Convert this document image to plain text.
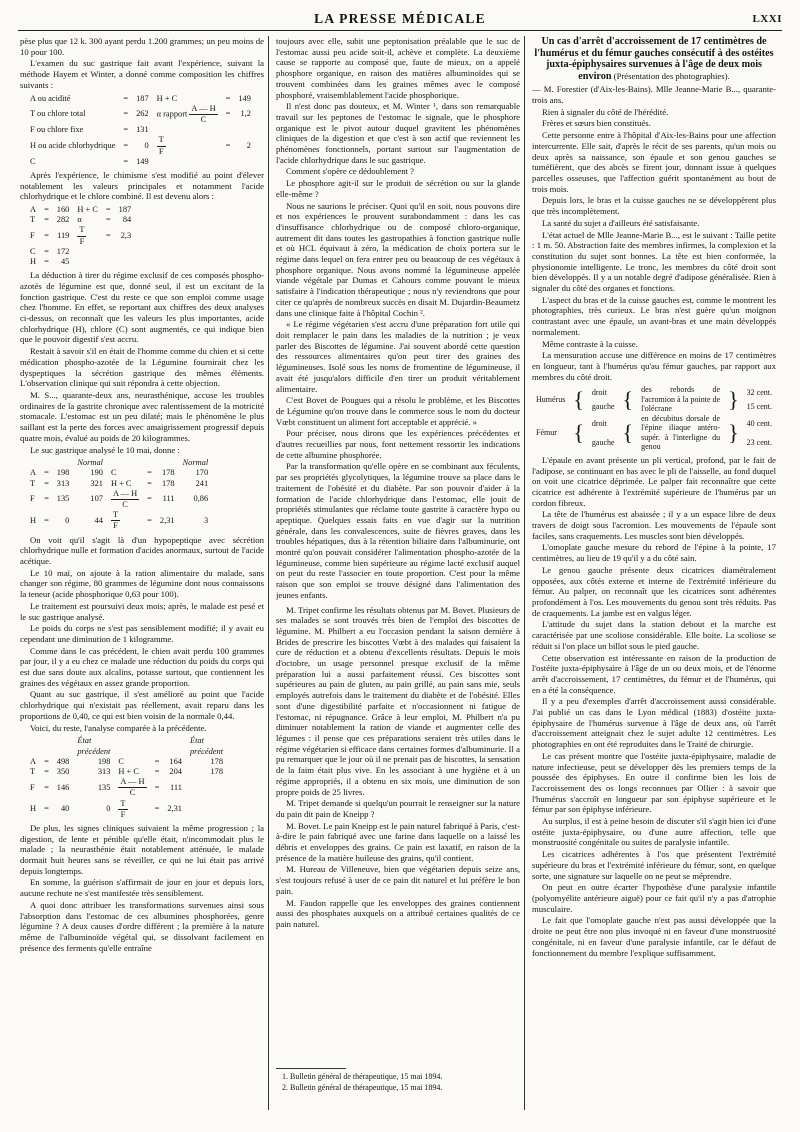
LA PRESSE MÉDICALE	LXXI

pèse plus que 12 k. 300 ayant perdu 1.200 grammes; un peu moins de 10 pour 100.

L'examen du suc gastrique fait avant l'expérience, suivant la méthode Hayem et Winter, a donné comme composition les chiffres suivants :

A ou acidité	=	187	H + C	=	149
T ou chlore total	=	262	α rapport $\frac{A — H}{C}$	=	1,2
F ou chlore fixe	=	131			
H ou acide chlorhydrique	=	0	$\frac{T}{F}$	=	2
C	=	149			

Après l'expérience, le chimisme s'est modifié au point d'élever notablement les valeurs principales et notamment l'acide chlorhydrique et le chlore combiné. Il est devenu alors :

A	=	160	H + C	=	187
T	=	282	α	=	84
F	=	119	$\frac{T}{F}$	=	2,3
C	=	172			
H	=	45			

La déduction à tirer du régime exclusif de ces composés phospho-azotés de légumine est que, donné seul, il est un excitant de la fonction gastrique. C'est du reste ce que son emploi comme usage chez l'homme. En effet, se reportant aux chiffres des deux analyses ci-dessus, on reconnaît que les valeurs les plus importantes, acide chlorhydrique (H), chlore (C) sont augmentés, ce qui indique bien que le pouvoir digestif s'est accru.

Restait à savoir s'il en était de l'homme comme du chien et si cette médication phospho-azotée de la Légumine fournirait chez les dyspeptiques la sécrétion gastrique des mêmes éléments. L'observation clinique qui suit répondra à cette objection.

M. S..., quarante-deux ans, neurasthénique, accuse les troubles ordinaires de la gastrite chronique avec ralentissement de la motricité stomacale. L'estomac est un peu dilaté; mais le phénomène le plus saillant est la perte des forces avec amaigrissement progressif depuis quatre mois, évalué au poids de 20 kilogrammes.

Le suc gastrique analysé le 10 mai, donne :

			Normal				Normal
A	=	198	190	C	=	178	170
T	=	313	321	H + C	=	178	241
F	=	135	107	$\frac{A — H}{C}$	=	111	0,86
H	=	0	44	$\frac{T}{F}$	=	2,31	3

On voit qu'il s'agit là d'un hypopeptique avec sécrétion chlorhydrique nulle et formation d'acides anormaux, surtout de l'acide acétique.

Le 10 mai, on ajoute à la ration alimentaire du malade, sans changer son régime, 80 grammes de légumine dont nous connaissons la teneur (acide phosphorique 0,63 pour 100).

Le traitement est poursuivi deux mois; après, le malade est pesé et le suc gastrique analysé.

Le poids du corps ne s'est pas sensiblement modifié; il y avait eu cependant une diminution de 1 kilogramme.

Comme dans le cas précédent, le chien avait perdu 100 grammes par jour, il y a eu chez ce malade une réduction du poids du corps qui est due sans doute aux alcalins, potasse surtout, que contiennent les graines des végétaux en assez grande proportion.

Quant au suc gastrique, il s'est amélioré au point que l'acide chlorhydrique qui n'existait pas réellement, avait reparu dans les proportions de 0,40, ce qui est bien voisin de la normale 0,44.

Voici, du reste, l'analyse comparée à la précédente.

			État				État
			précédent				précédent
A	=	498	198	C	=	164	178
T	=	350	313	H + C	=	204	178
F	=	146	135	$\frac{A — H}{C}$	=	111	
H	=	40	0	$\frac{T}{F}$	=	2,31	

De plus, les signes cliniques suivaient la même progression ; la digestion, de lente et pénible qu'elle était, n'incommodait plus le malade ; la neurasthénie était notablement atténuée, le malade dormait huit heures sans se réveiller, ce qui ne lui était pas arrivé depuis longtemps.

En somme, la guérison s'affirmait de jour en jour et depuis lors, aucune rechute ne s'est manifestée très sensiblement.

A quoi donc attribuer les transformations survenues ainsi sous l'absorption dans l'estomac de ces albumines phosphorées, genre légumine ? A deux causes d'ordre différent ; la première à la nature même de l'albuminoïde végétal qui, se dissolvant facilement en présence des ferments qu'elle entraîne

toujours avec elle, subit une peptonisation préalable que le suc de l'estomac aussi peu acide soit-il, achève et complète. La deuxième cause se rapporte au composé que, faute de mieux, on a appelé phosphore organique, en raison des matières albuminoïdes qui se trouvent combinées dans les graines mêmes avec le composé phosphoré, vraisemblablement l'acide phosphorique.

Il n'est donc pas douteux, et M. Winter ¹, dans son remarquable travail sur les peptones de l'estomac le signale, que le phosphore organique est le pivot autour duquel gravitent les phénomènes cliniques de la digestion et que c'est à son actif que reviennent les phénomènes fonctionnels, portant surtout sur l'augmentation de l'acide chlorhydrique dans le suc gastrique.

Comment s'opère ce dédoublement ?

Le phosphore agit-il sur le produit de sécrétion ou sur la glande elle-même ?

Nous ne saurions le préciser. Quoi qu'il en soit, nous pouvons dire et nos expériences le prouvent surabondamment : dans les cas d'insuffisance chlorhydrique ou de composé chloro-organique, autrement dit dans toutes les gastropathies à fonction gastrique nulle et où HCL équivaut à zéro, la médication de choix portera sur le régime dans lequel on fera entrer peu ou beaucoup de ces végétaux à phosphore organique. Nous avons nommé la légumineuse appelée viande végétale par Dumas et Cahours comme pouvant le mieux satisfaire à l'indication thérapeutique ; nous n'y reviendrons que pour citer ce qu'après de nombreux succès en disait M. Dujardin-Beaumetz dans une clinique faite à l'hôpital Cochin ².

« Le régime végétarien s'est accru d'une préparation fort utile qui doit remplacer le pain dans les maladies de la nutrition ; je veux parler des Biscottes de légumine. J'ai souvent abordé cette question des ressources alimentaires qu'on peut tirer des graines des légumineuses. Isolé sous les noms de fromentine de légumineuse, il avait été jusqu'alors difficile d'en tirer un produit véritablement alimentaire.

C'est Bovet de Pougues qui a résolu le problème, et les Biscottes de Légumine qu'on trouve dans le commerce sous le nom du docteur Vœbt constituent un aliment fort acceptable et apprécié. »

Pour préciser, nous dirons que les expériences précédentes et d'autres recueillies par nous, font nettement ressortir les indications de cette albumine phosphorée.

Par la transformation qu'elle opère en se combinant aux féculents, par ses propriétés glycolytiques, la légumine trouve sa place dans le traitement de l'obésité et du diabète. Par son pouvoir d'aider à la formation de l'acide chlorhydrique dans l'estomac, elle jouit de propriétés stimulantes que réclame toute gastrite à caractère hypo ou apeptique. Quelques essais faits en vue d'agir sur la nutrition générale, dans les convalescences, suite de fièvres graves, dans les troubles hépatiques, dus à la rétention biliaire dans l'albuminurie, ont montré qu'on pouvait considérer l'alimentation phospho-azotée de la légumineuse, comme bien supérieure au régime lacté exclusif auquel on peut du reste l'associer en toute proportion. C'est pour la même raison que son emploi se trouve désigné dans l'alimentation des jeunes enfants.

M. Tripet confirme les résultats obtenus par M. Bovet. Plusieurs de ses malades se sont trouvés très bien de l'emploi des biscottes de légumine. M. Philbert a eu l'occasion pendant la saison dernière à Brides de prescrire les biscottes Vœbt à des malades qui faisaient la cure de réduction et a obtenu d'excellents résultats. Depuis le mois d'octobre, un usage personnel presque exclusif de la même préparation lui a aussi parfaitement réussi. Ces biscottes sont supérieures au pain de gluten, au pain grillé, au pain sans mie, seuls employés autrefois dans le traitement du diabète et de l'obésité. Elles sont d'une digestibilité parfaite et n'occasionnent ni fatigue de l'estomac, ni répugnance. Grâce à leur emploi, M. Philbert n'a pu diminuer notablement la ration de viande et augmenter celle des légumes : il pense que ces préparations seraient très utiles dans le régime végétarien si efficace dans certaines formes d'albuminurie. Il a pu remarquer que le jour où il ne prenait pas de biscottes, la sensation de la faim était plus vive. En les associant à une hygiène et à un régime appropriés, il a obtenu en six mois, une diminution de son propre poids de 25 livres.

M. Tripet demande si quelqu'un pourrait le renseigner sur la nature du pain dit pain de Kneipp ?

M. Bovet. Le pain Kneipp est le pain naturel fabriqué à Paris, c'est-à-dire le pain fabriqué avec une farine dans laquelle on a laissé les débris et enveloppes des grains. Ce pain est laxatif, en raison de la présence de la matière huileuse des grains, qu'il contient.

M. Hureau de Villeneuve, bien que végétarien depuis seize ans, s'est toujours refusé à user de ce pain dit naturel et lui préfère le bon pain.

M. Faudon rappelle que les enveloppes des graines contiennent aussi des phosphates auxquels on a attribué certaines qualités de ce pain naturel.

1. Bulletin général de thérapeutique, 15 mai 1894.

2. Bulletin général de thérapeutique, 15 mai 1894.

Un cas d'arrêt d'accroissement de 17 centimètres de l'humérus et du fémur gauches consécutif à des ostéites juxta-épiphysaires survenues à l'âge de deux mois environ (Présentation des photographies).

— M. Forestier (d'Aix-les-Bains). Mlle Jeanne-Marie B..., quarante-trois ans.

Rien à signaler du côté de l'hérédité.

Frères et sœurs bien constitués.

Cette personne entre à l'hôpital d'Aix-les-Bains pour une affection intercurrente. Elle sait, d'après le récit de ses parents, qu'un mois ou deux après sa naissance, son épaule et son genou gauches se tuméfièrent, que des abcès se firent jour, donnant issue à quelques parcelles osseuses, que l'affection guérit spontanément au bout de trois mois.

Depuis lors, le bras et la cuisse gauches ne se développèrent plus que très incomplètement.

La santé du sujet a d'ailleurs été satisfaisante.

L'état actuel de Mlle Jeanne-Marie B..., est le suivant : Taille petite : 1 m. 50. Abstraction faite des membres infirmes, la complexion et la constitution du sujet sont bonnes. La tête est bien conformée, la physionomie intelligente. Le tronc, les membres du côté droit sont bien développés. Il y a un notable degré d'adipose généralisée. Rien à signaler du côté des organes et fonctions.

L'aspect du bras et de la cuisse gauches est, comme le montrent les photographies, très curieux. Le bras n'est guère qu'un moignon contrastant avec une épaule, un avant-bras et une main développés normalement.

Même contraste à la cuisse.

La mensuration accuse une différence en moins de 17 centimètres en longueur, tant à l'humérus qu'au fémur gauches, par rapport aux membres du côté droit.

Humérus	{	droit	{	des rebords de l'acromion à la pointe de l'olécrane	}	32 cent.
		gauche				15 cent.
Fémur	{	droit	{	en décubitus dorsale de l'épine iliaque antéro-supér. à l'interligne du genou	}	40 cent.
		gauche				23 cent.

L'épaule en avant présente un pli vertical, profond, par le fait de l'adipose, se continuant en bas avec le pli de l'aisselle, au fond duquel on voit une cicatrice déprimée. Le palper fait reconnaître que cette cicatrice est adhérente à l'extrémité supérieure de l'humérus par un cordon fibreux.

La tête de l'humérus est abaissée ; il y a un espace libre de deux travers de doigt sous l'acromion. Les mouvements de l'épaule sont faciles, sans craquements. Les muscles sont bien développés.

L'omoplate gauche mesure du rebord de l'épine à la pointe, 17 centimètres, au lieu de 19 qu'il y a du côté sain.

Le genou gauche présente deux cicatrices diamétralement opposées, aux côtés externe et interne de l'extrémité inférieure du fémur. Au palper, on reconnaît que les cicatrices sont adhérentes profondément à l'os. Les mouvements du genou sont très réduits. Pas de craquements. La jambe est en valgus léger.

L'attitude du sujet dans la station debout et la marche est caractérisée par une scoliose considérable. Elle boite. La scoliose se réduit si l'on place un billot sous le pied gauche.

Cette observation est intéressante en raison de la production de l'ostéite juxta-épiphysaire à l'âge de un ou deux mois, et de l'énorme arrêt d'accroissement, 17 centimètres, du fémur et de l'humérus, qui en a été la conséquence.

Il y a peu d'exemples d'arrêt d'accroissement aussi considérable. J'ai publié un cas dans le Lyon médical (1883) d'ostéite juxta-épiphysaire de l'humérus survenue à l'âge de deux ans, où l'arrêt d'accroissement atteignait chez le sujet adulte 12 centimètres. Les photographies en ont été reproduites dans le Traité de chirurgie.

Le cas présent montre que l'ostéite juxta-épiphysaire, maladie de nature infectieuse, peut se développer dès les premiers temps de la poussée des épiphyses. En outre il confirme bien les lois de l'accroissement des os longs reconnues par Ollier : à savoir que l'humérus s'accroît en longueur par son épiphyse supérieure et le fémur par son épiphyse inférieure.

Au surplus, il est à peine besoin de discuter s'il s'agit bien ici d'une ostéite juxta-épiphysaire, ou d'une autre affection, telle que monstruosité congénitale ou suites de paralysie infantile.

Les cicatrices adhérentes à l'os que présentent l'extrémité supérieure du bras et l'extrémité inférieure du fémur, sont, en quelque sorte, une signature sur laquelle on ne peut se méprendre.

On peut en outre écarter l'hypothèse d'une paralysie infantile (polyomyélite antérieure aiguë) pour ce fait qu'il n'y a pas d'atrophie musculaire.

Le fait que l'omoplate gauche n'est pas aussi développée que la droite ne peut être non plus invoqué ni en faveur d'une monstruosité congénitale, ni en faveur d'une paralysie infantile, car le défaut de fonctionnement du membre l'explique suffisamment.
